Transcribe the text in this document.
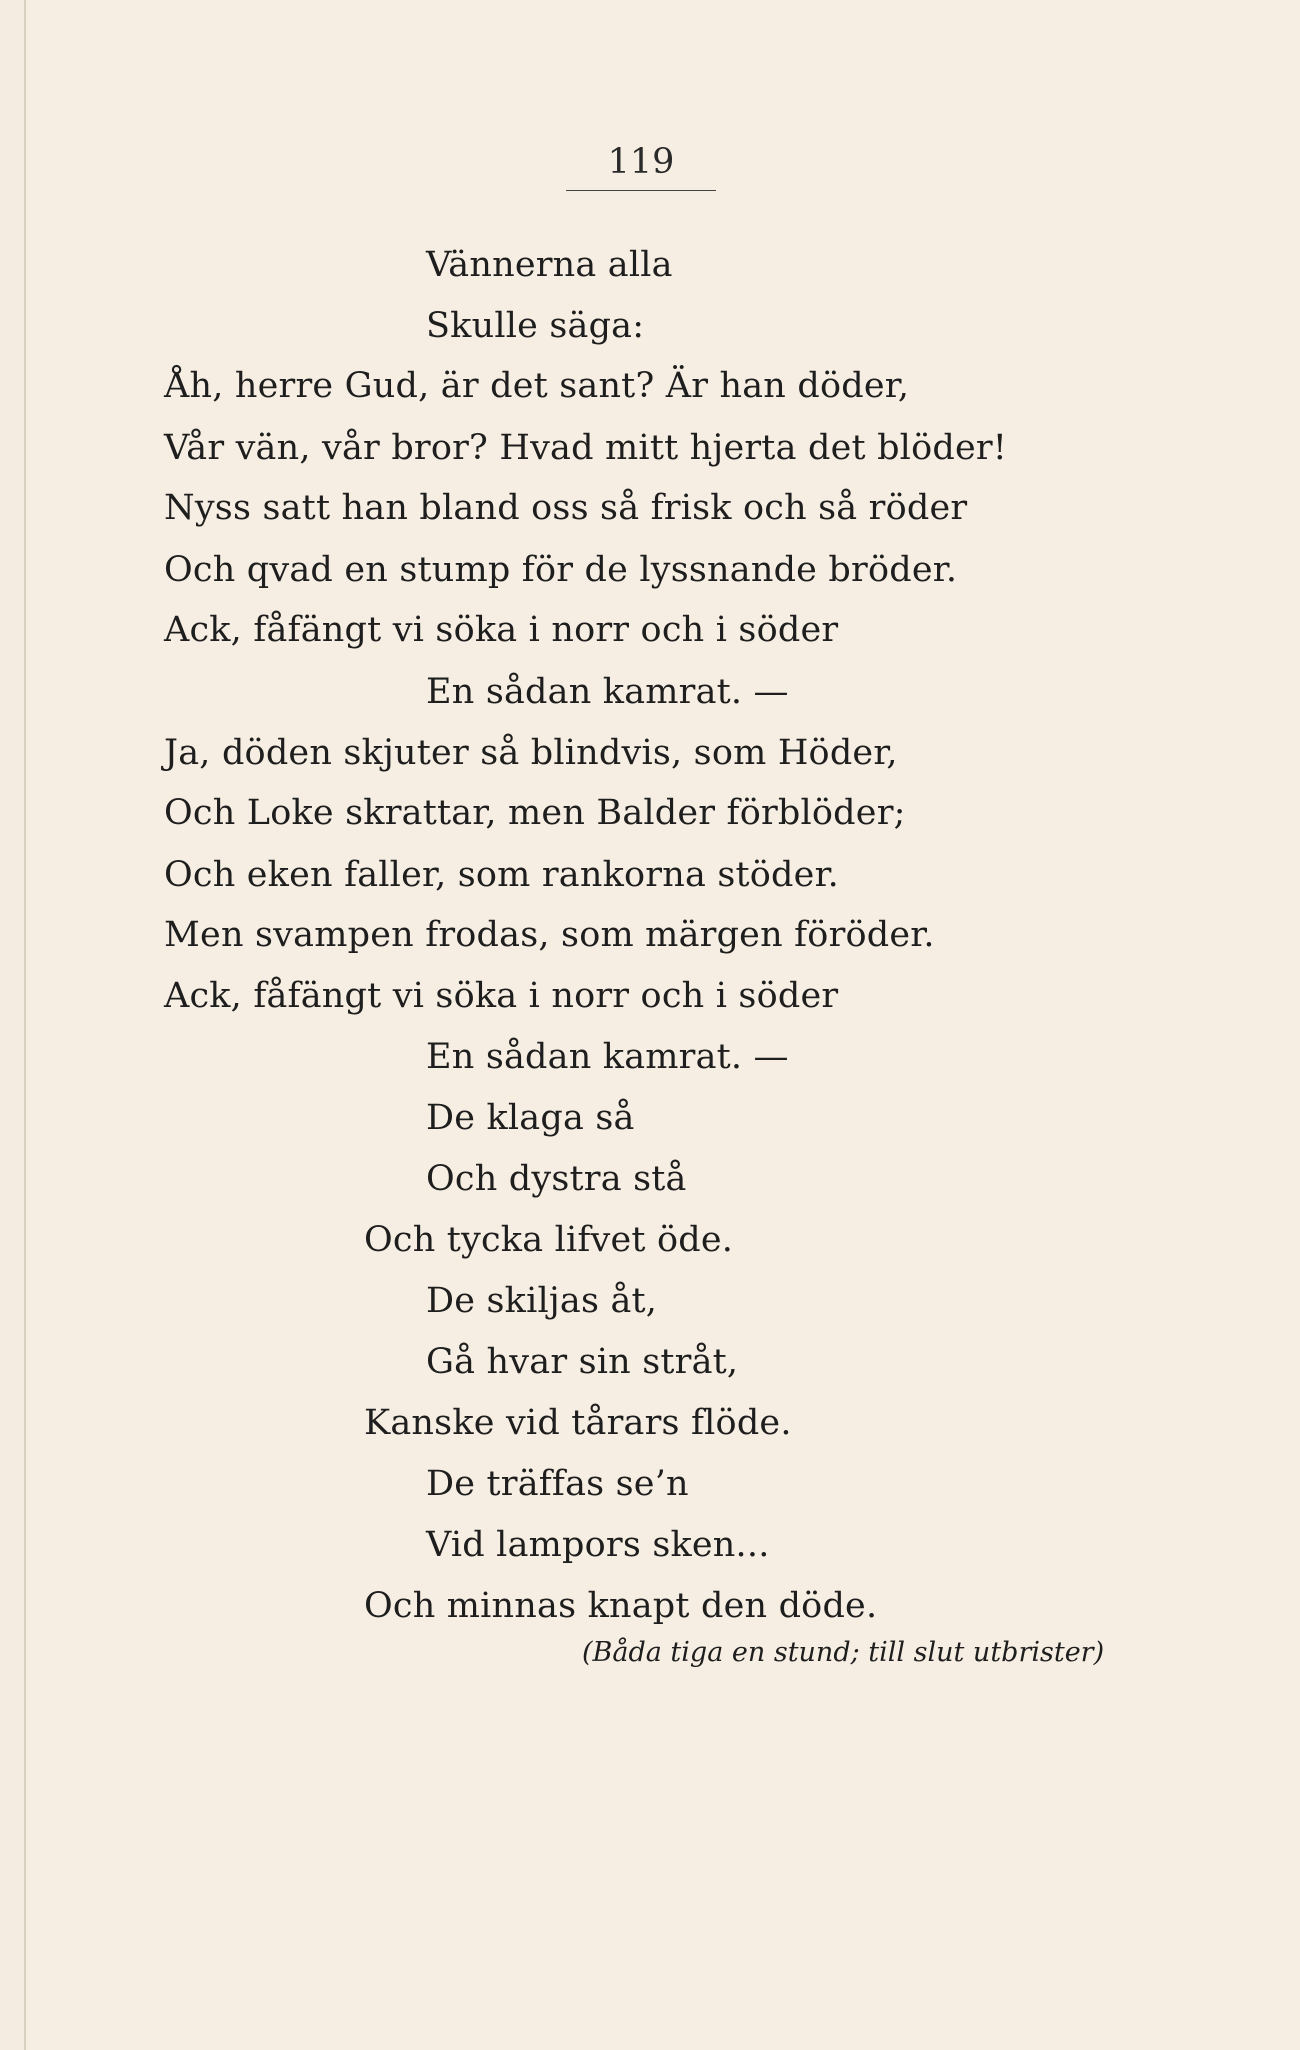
119
Vännerna alla
Skulle säga:
Åh, herre Gud, är det sant? Är han döder,
Vår vän, vår bror? Hvad mitt hjerta det blöder!
Nyss satt han bland oss så frisk och så röder
Och qvad en stump för de lyssnande bröder.
Ack, fåfängt vi söka i norr och i söder
En sådan kamrat. —
Ja, döden skjuter så blindvis, som Höder,
Och Loke skrattar, men Balder förblöder;
Och eken faller, som rankorna stöder.
Men svampen frodas, som märgen föröder.
Ack, fåfängt vi söka i norr och i söder
En sådan kamrat. —
De klaga så
Och dystra stå
Och tycka lifvet öde.
De skiljas åt,
Gå hvar sin stråt,
Kanske vid tårars flöde.
De träffas se’n
Vid lampors sken...
Och minnas knapt den döde.
(Båda tiga en stund; till slut utbrister)
